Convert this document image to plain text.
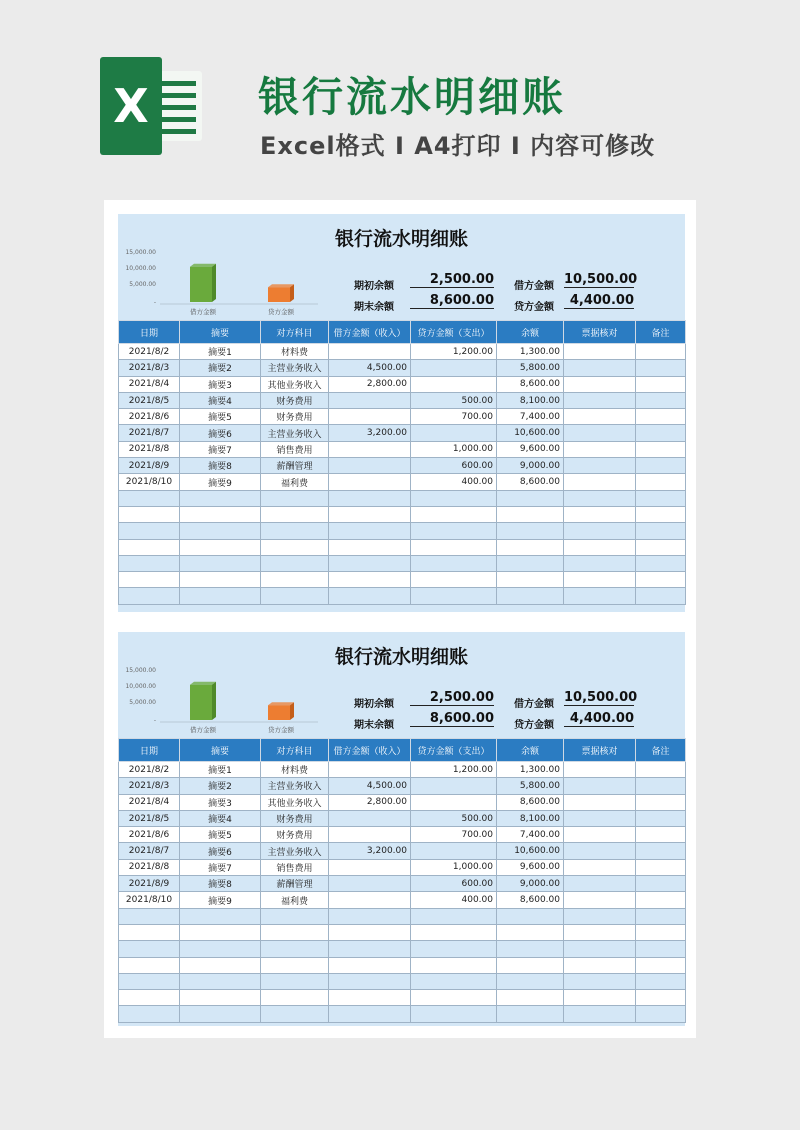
X	银行流水明细账
Excel格式 Ⅰ A4打印 Ⅰ 内容可修改
银行流水明细账
15,000.00
10,000.00
5,000.00
-
借方金额	贷方金额
期初余额	2,500.00
期末余额	8,600.00
借方金额 10,500.00
贷方金额	4,400.00
日期	摘要	对方科目	借方金额（收入）	贷方金额（支出）	余额	票据核对	备注
2021/8/2	摘要1	材料费		1,200.00	1,300.00		
2021/8/3	摘要2	主营业务收入	4,500.00		5,800.00		
2021/8/4	摘要3	其他业务收入	2,800.00		8,600.00		
2021/8/5	摘要4	财务费用		500.00	8,100.00		
2021/8/6	摘要5	财务费用		700.00	7,400.00		
2021/8/7	摘要6	主营业务收入	3,200.00		10,600.00		
2021/8/8	摘要7	销售费用		1,000.00	9,600.00		
2021/8/9	摘要8	薪酬管理		600.00	9,000.00		
2021/8/10	摘要9	福利费		400.00	8,600.00		

银行流水明细账
15,000.00
10,000.00
5,000.00
-
借方金额	贷方金额
期初余额	2,500.00
期末余额	8,600.00
借方金额 10,500.00
贷方金额	4,400.00
日期	摘要	对方科目	借方金额（收入）	贷方金额（支出）	余额	票据核对	备注
2021/8/2	摘要1	材料费		1,200.00	1,300.00		
2021/8/3	摘要2	主营业务收入	4,500.00		5,800.00		
2021/8/4	摘要3	其他业务收入	2,800.00		8,600.00		
2021/8/5	摘要4	财务费用		500.00	8,100.00		
2021/8/6	摘要5	财务费用		700.00	7,400.00		
2021/8/7	摘要6	主营业务收入	3,200.00		10,600.00		
2021/8/8	摘要7	销售费用		1,000.00	9,600.00		
2021/8/9	摘要8	薪酬管理		600.00	9,000.00		
2021/8/10	摘要9	福利费		400.00	8,600.00		
